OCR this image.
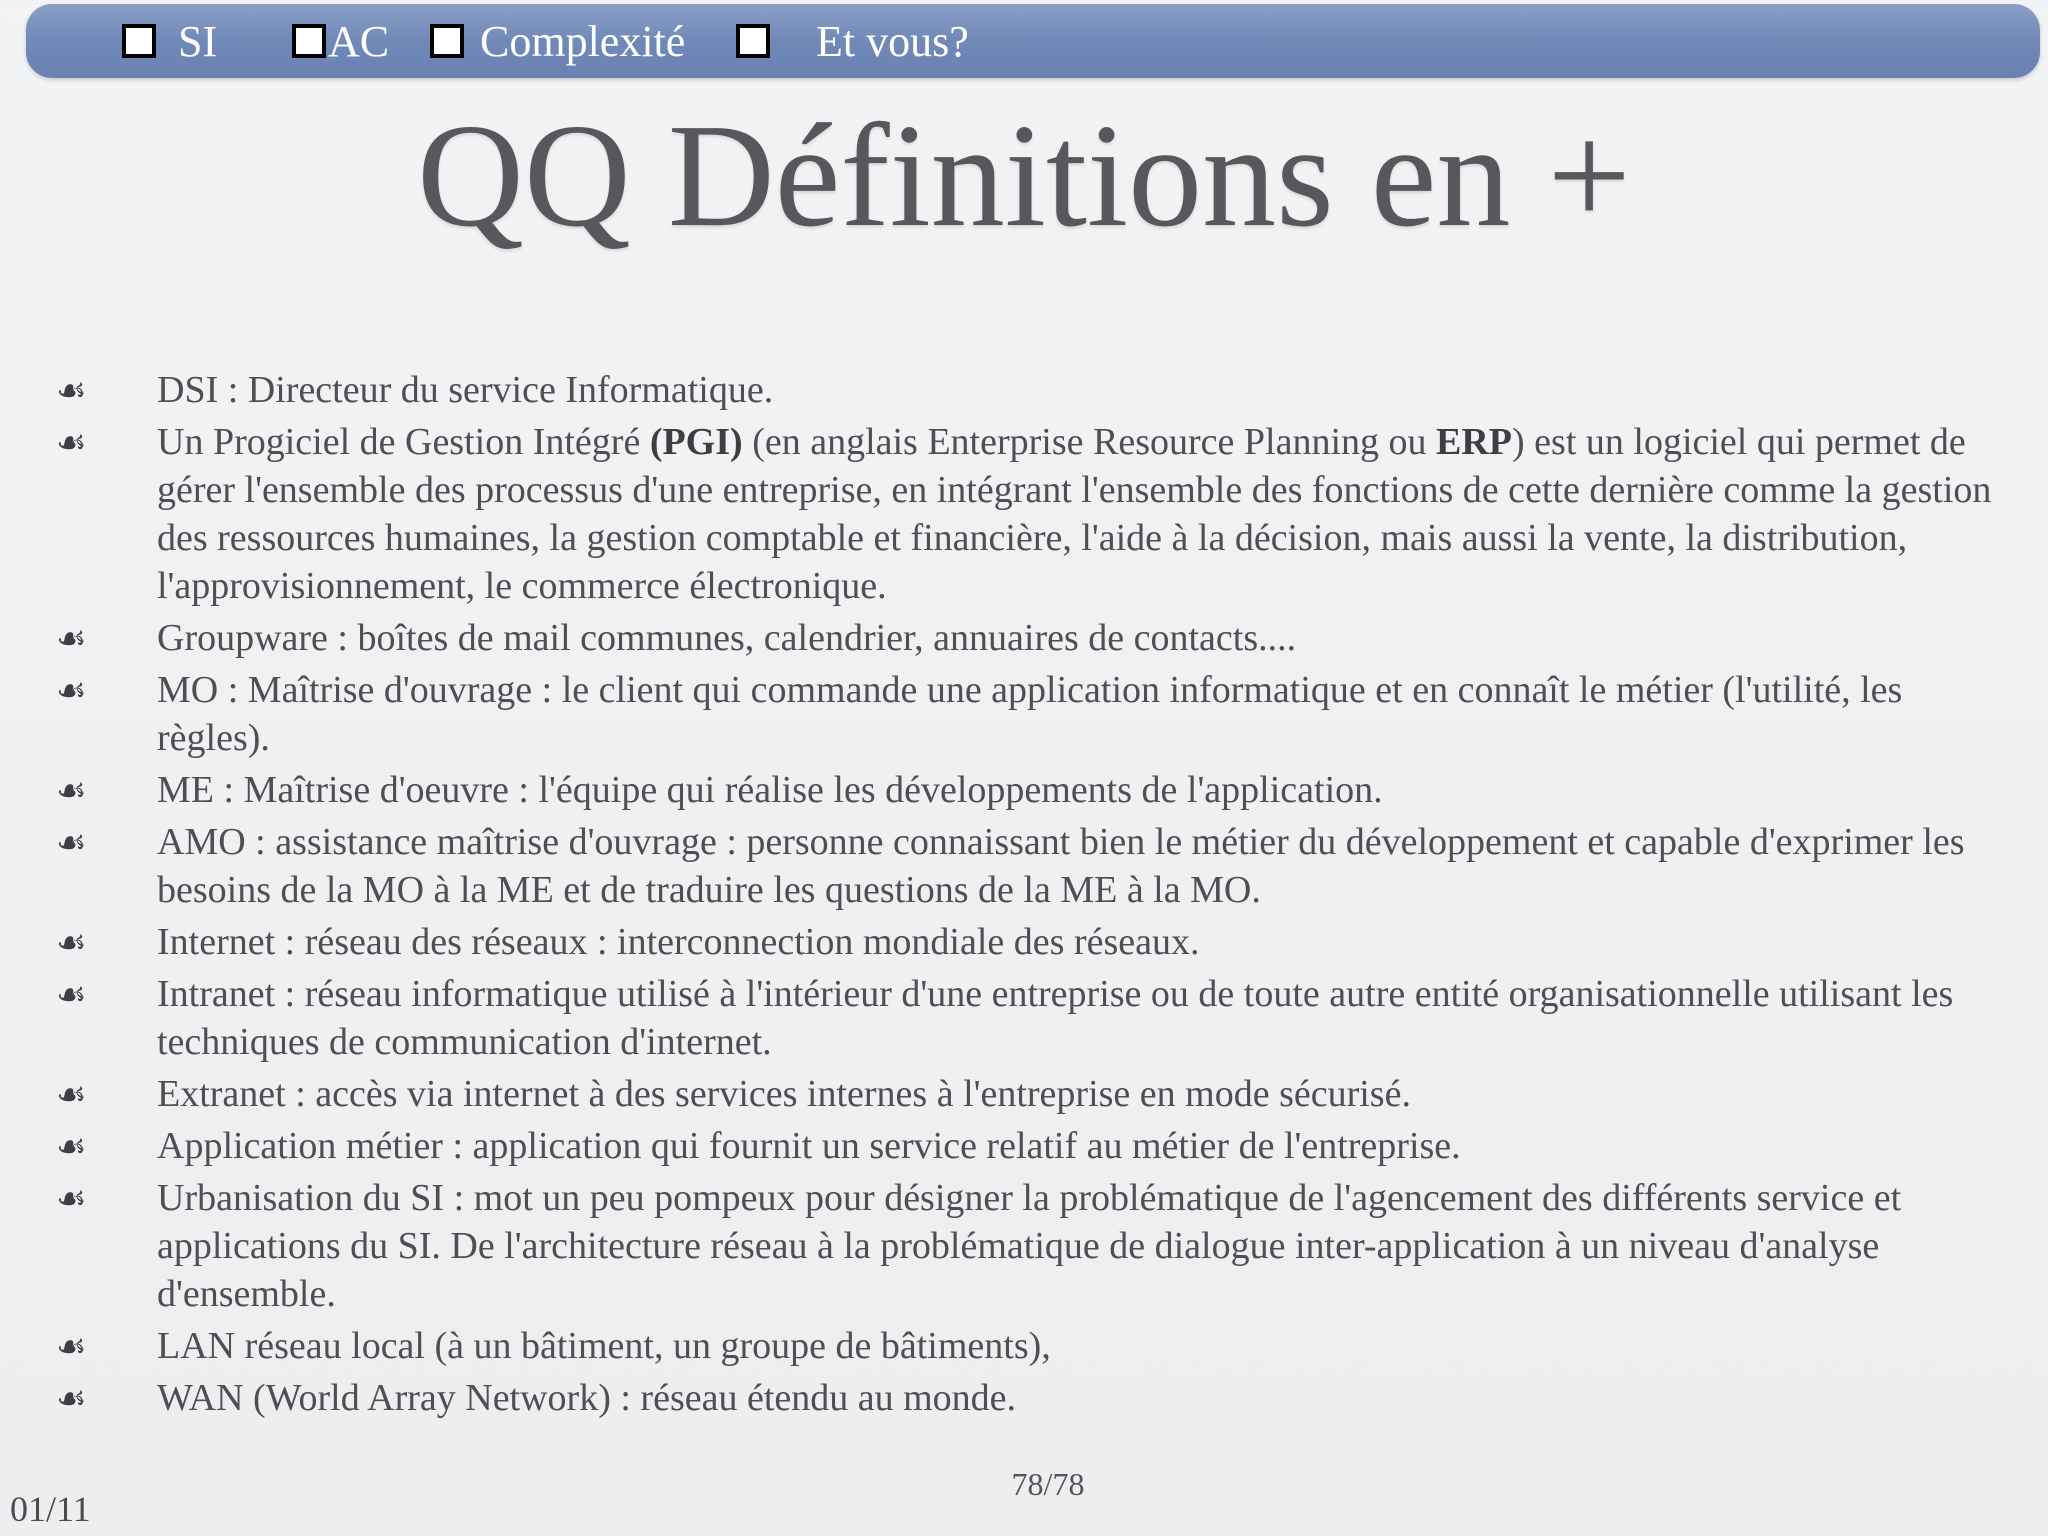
SI	AC Complexité	Et vous?
QQ Définitions en +
☙ DSI : Directeur du service Informatique.
☙ Un Progiciel de Gestion Intégré (PGI) (en anglais Enterprise Resource Planning ou ERP) est un logiciel qui permet de gérer l'ensemble des processus d'une entreprise, en intégrant l'ensemble des fonctions de cette dernière comme la gestion des ressources humaines, la gestion comptable et financière, l'aide à la décision, mais aussi la vente, la distribution, l'approvisionnement, le commerce électronique.
☙ Groupware : boîtes de mail communes, calendrier, annuaires de contacts....
☙ MO : Maîtrise d'ouvrage : le client qui commande une application informatique et en connaît le métier (l'utilité, les règles).
☙ ME : Maîtrise d'oeuvre : l'équipe qui réalise les développements de l'application.
☙ AMO : assistance maîtrise d'ouvrage : personne connaissant bien le métier du développement et capable d'exprimer les besoins de la MO à la ME et de traduire les questions de la ME à la MO.
☙ Internet : réseau des réseaux : interconnection mondiale des réseaux.
☙ Intranet : réseau informatique utilisé à l'intérieur d'une entreprise ou de toute autre entité organisationnelle utilisant les techniques de communication d'internet.
☙ Extranet : accès via internet à des services internes à l'entreprise en mode sécurisé.
☙ Application métier : application qui fournit un service relatif au métier de l'entreprise.
☙ Urbanisation du SI : mot un peu pompeux pour désigner la problématique de l'agencement des différents service et applications du SI. De l'architecture réseau à la problématique de dialogue inter-application à un niveau d'analyse d'ensemble.
☙ LAN réseau local (à un bâtiment, un groupe de bâtiments),
☙ WAN (World Array Network) : réseau étendu au monde.
78/78
01/11
